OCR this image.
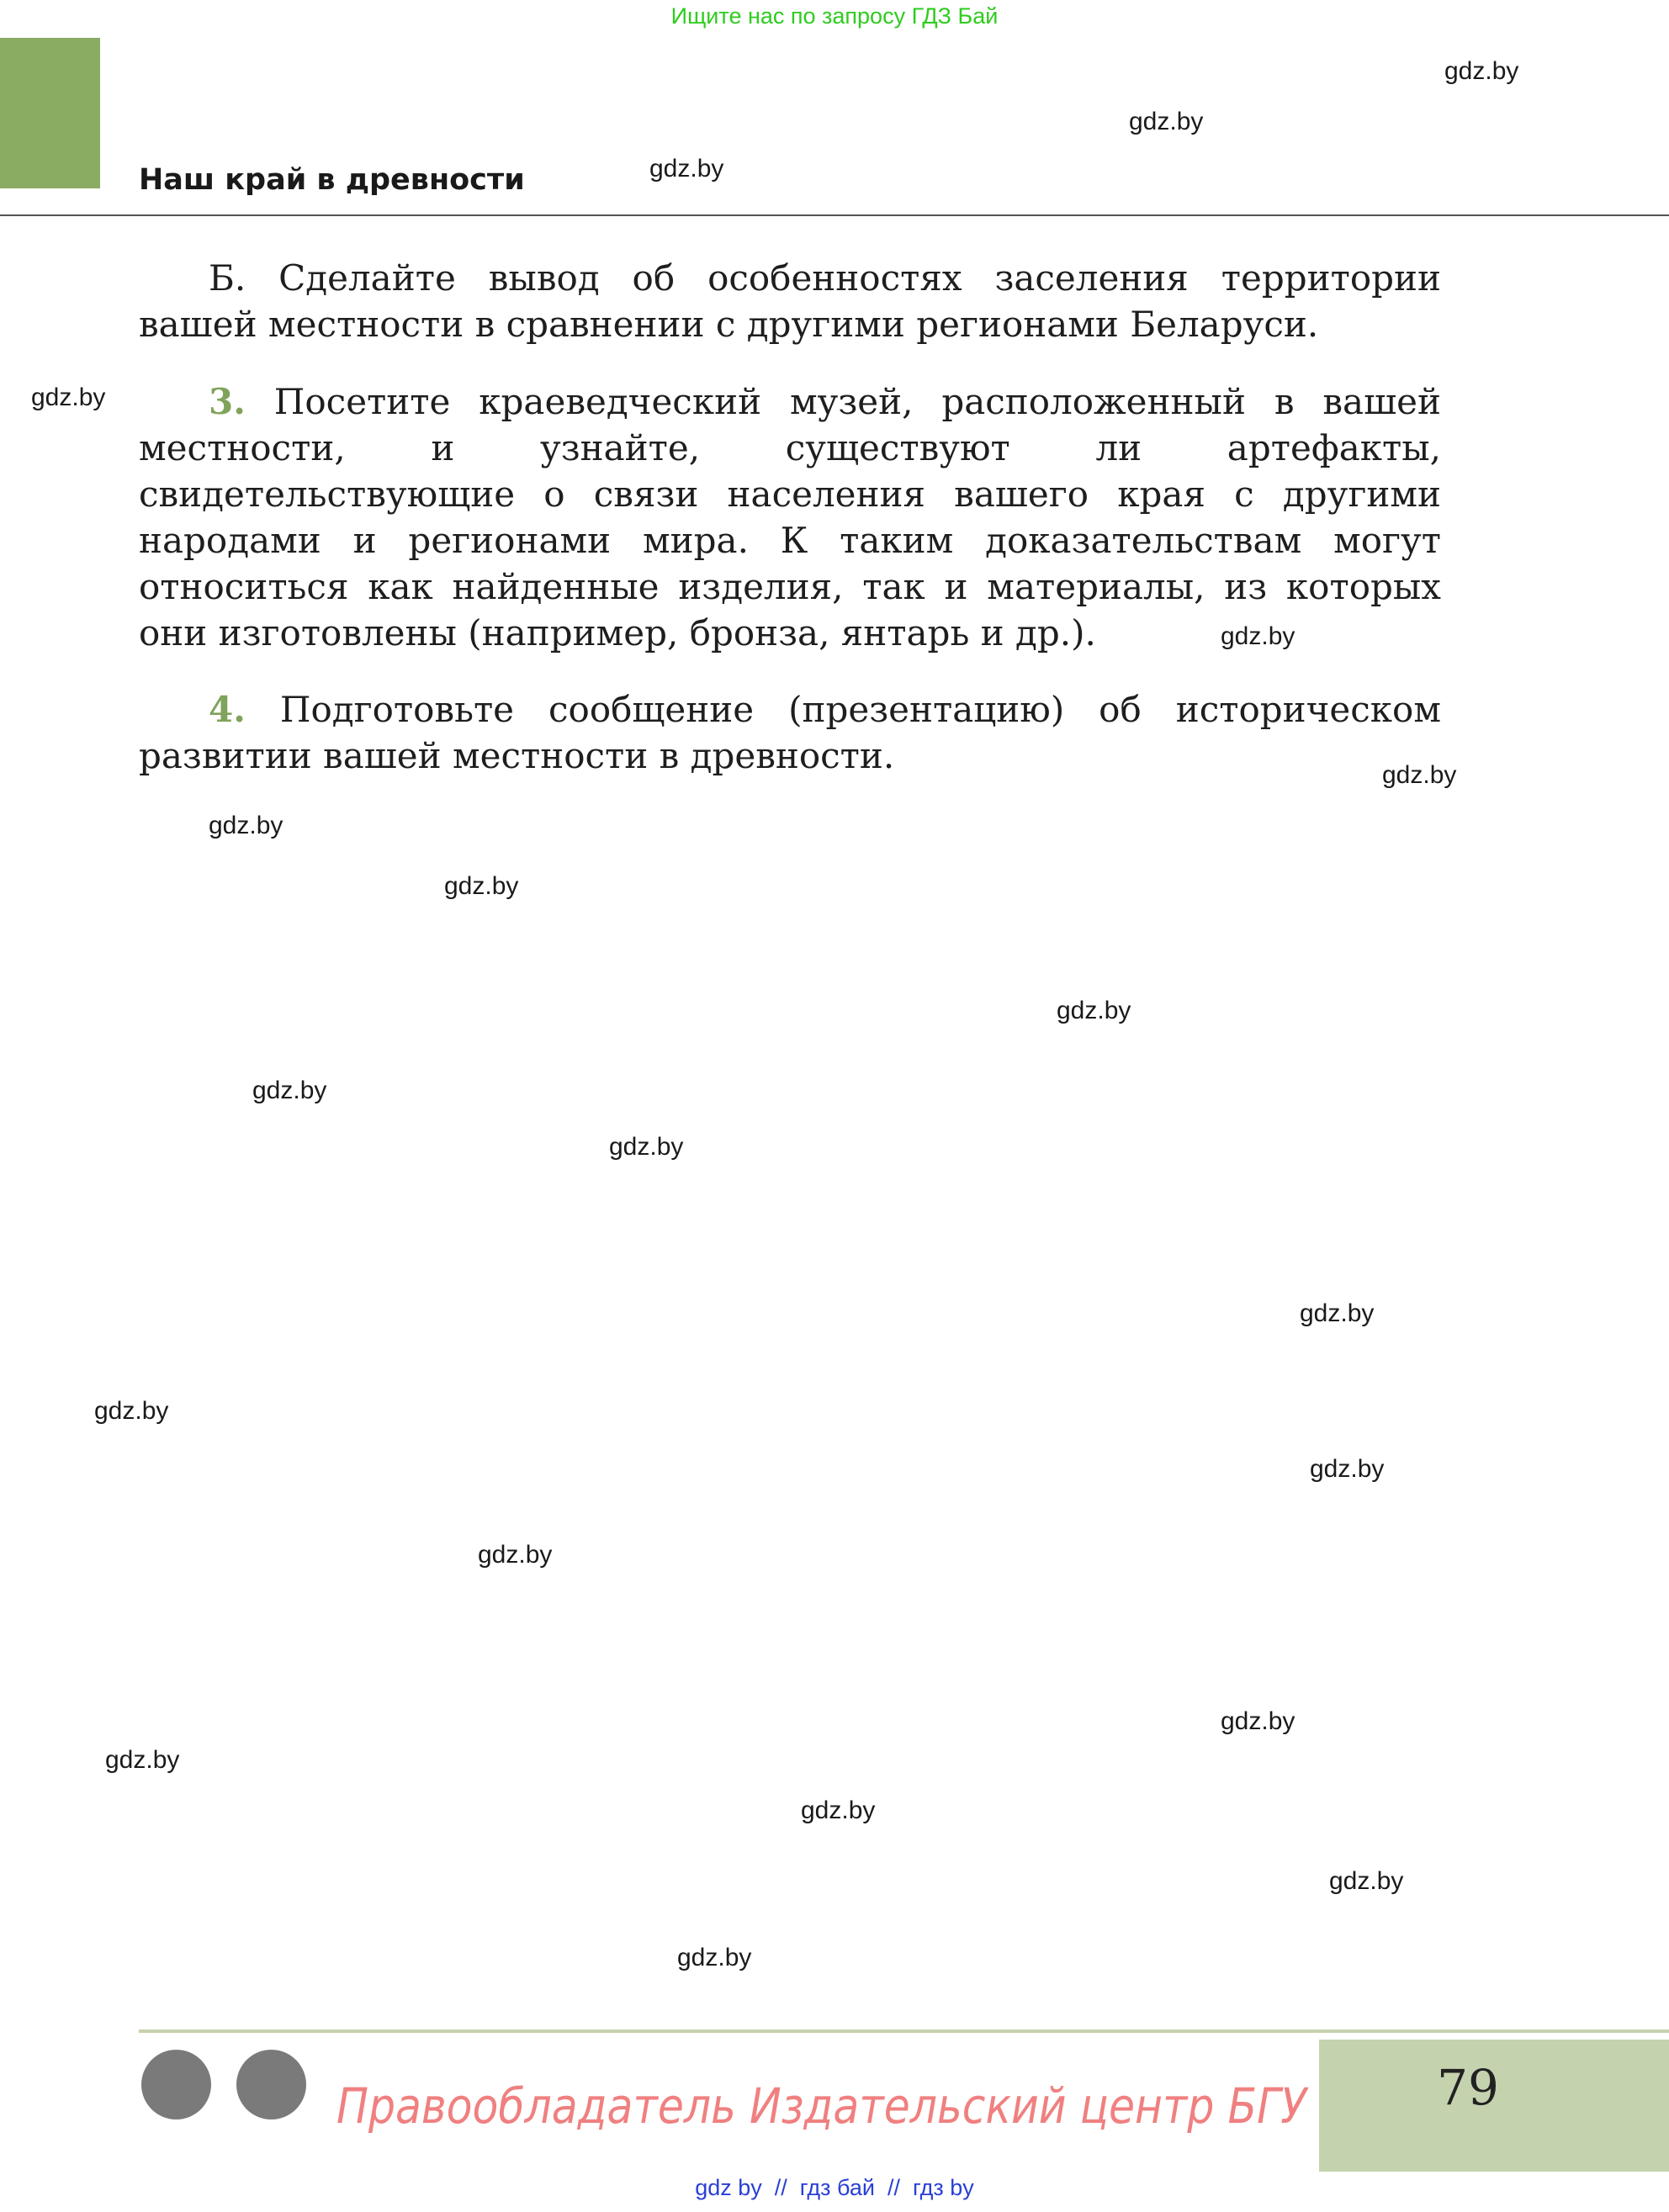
Ищите нас по запросу ГДЗ Бай
Наш край в древности
Б. Сделайте вывод об особенностях заселения территории вашей местности в сравнении с другими регионами Беларуси.
3. Посетите краеведческий музей, расположенный в вашей местности, и узнайте, существуют ли артефакты, свидетельствующие о связи населения вашего края с другими народами и регионами мира. К таким доказательствам могут относиться как найденные изделия, так и материалы, из которых они изготовлены (например, бронза, янтарь и др.).
4. Подготовьте сообщение (презентацию) об историческом развитии вашей местности в древности.
gdz.by
gdz.by
gdz.by
gdz.by
gdz.by
gdz.by
gdz.by
gdz.by
gdz.by
gdz.by
gdz.by
gdz.by
gdz.by
gdz.by
gdz.by
gdz.by
gdz.by
gdz.by
gdz.by
gdz.by
Правообладатель Издательский центр БГУ	79
gdz by  //  гдз бай  //  гдз by
